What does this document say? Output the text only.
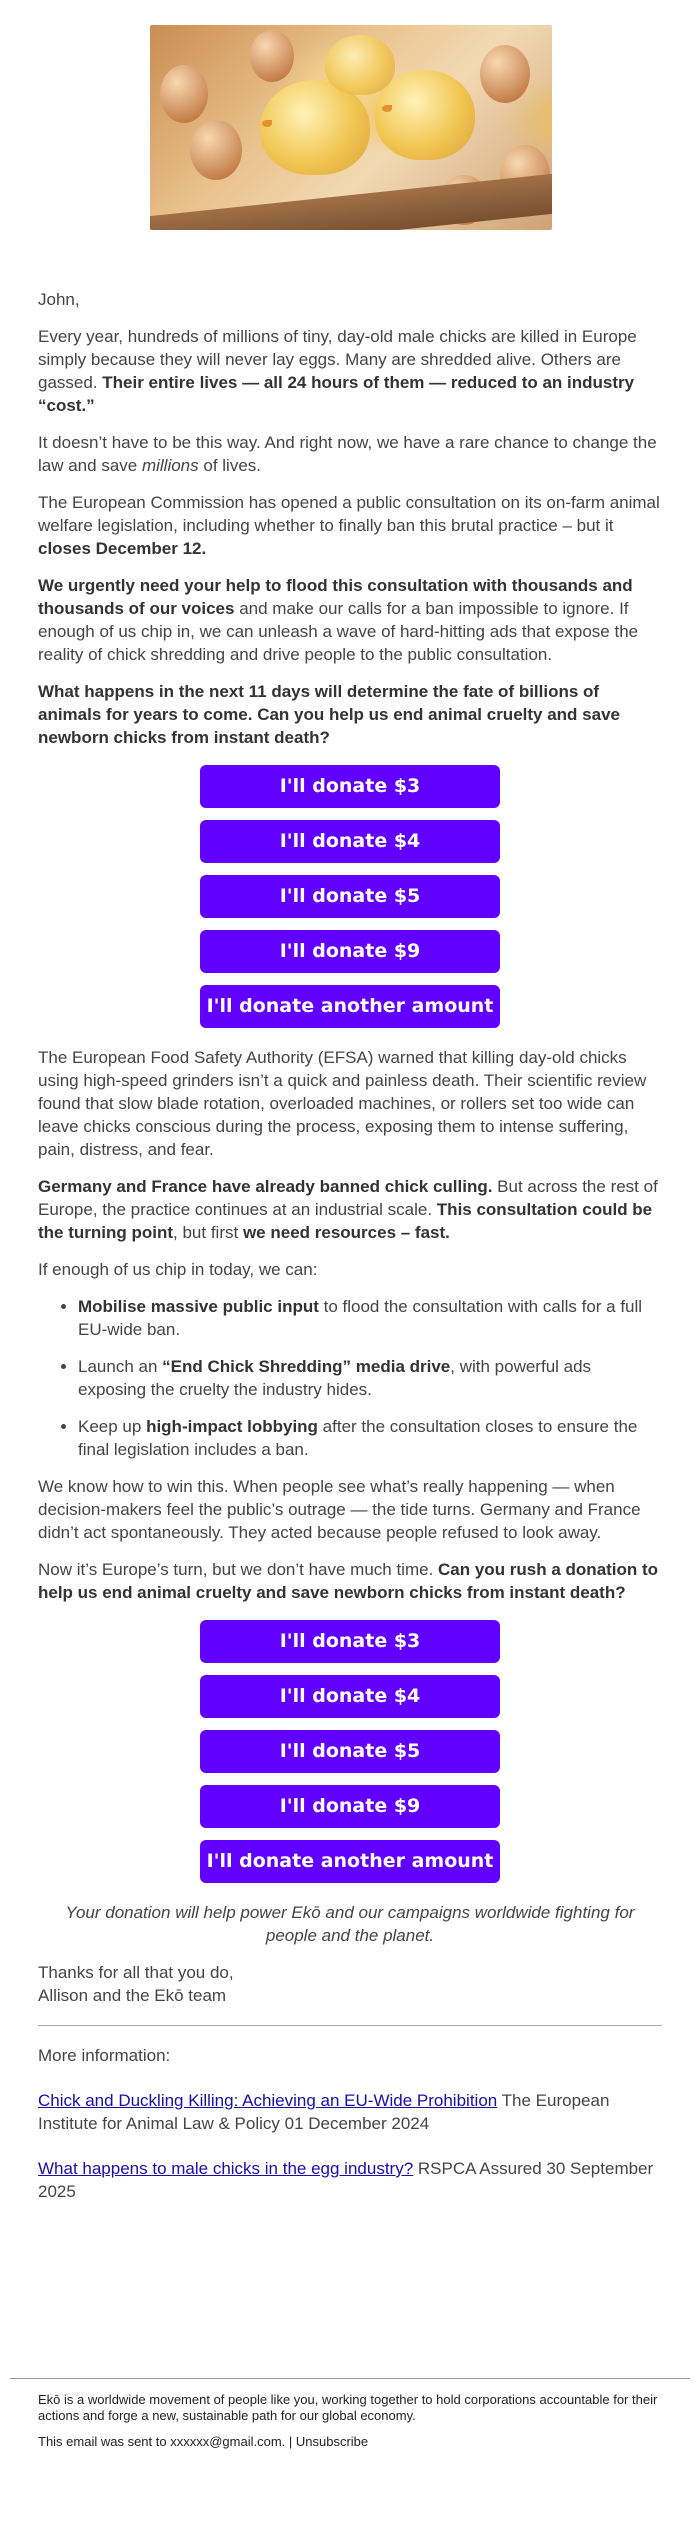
John,

Every year, hundreds of millions of tiny, day-old male chicks are killed in Europe simply because they will never lay eggs. Many are shredded alive. Others are gassed. Their entire lives — all 24 hours of them — reduced to an industry “cost.”

It doesn’t have to be this way. And right now, we have a rare chance to change the law and save millions of lives.

The European Commission has opened a public consultation on its on-farm animal welfare legislation, including whether to finally ban this brutal practice – but it closes December 12.

We urgently need your help to flood this consultation with thousands and thousands of our voices and make our calls for a ban impossible to ignore. If enough of us chip in, we can unleash a wave of hard-hitting ads that expose the reality of chick shredding and drive people to the public consultation.

What happens in the next 11 days will determine the fate of billions of animals for years to come. Can you help us end animal cruelty and save newborn chicks from instant death?

I'll donate $3
I'll donate $4
I'll donate $5
I'll donate $9
I'll donate another amount

The European Food Safety Authority (EFSA) warned that killing day-old chicks using high-speed grinders isn’t a quick and painless death. Their scientific review found that slow blade rotation, overloaded machines, or rollers set too wide can leave chicks conscious during the process, exposing them to intense suffering, pain, distress, and fear.

Germany and France have already banned chick culling. But across the rest of Europe, the practice continues at an industrial scale. This consultation could be the turning point, but first we need resources – fast.

If enough of us chip in today, we can:

• Mobilise massive public input to flood the consultation with calls for a full EU-wide ban.
• Launch an “End Chick Shredding” media drive, with powerful ads exposing the cruelty the industry hides.
• Keep up high-impact lobbying after the consultation closes to ensure the final legislation includes a ban.

We know how to win this. When people see what’s really happening — when decision-makers feel the public’s outrage — the tide turns. Germany and France didn’t act spontaneously. They acted because people refused to look away.

Now it’s Europe’s turn, but we don’t have much time. Can you rush a donation to help us end animal cruelty and save newborn chicks from instant death?

I'll donate $3
I'll donate $4
I'll donate $5
I'll donate $9
I'll donate another amount

Your donation will help power Ekō and our campaigns worldwide fighting for people and the planet.

Thanks for all that you do,
Allison and the Ekō team

More information:

Chick and Duckling Killing: Achieving an EU-Wide Prohibition The European Institute for Animal Law & Policy 01 December 2024

What happens to male chicks in the egg industry? RSPCA Assured 30 September 2025

Ekō is a worldwide movement of people like you, working together to hold corporations accountable for their actions and forge a new, sustainable path for our global economy.

This email was sent to xxxxxx@gmail.com. | Unsubscribe
